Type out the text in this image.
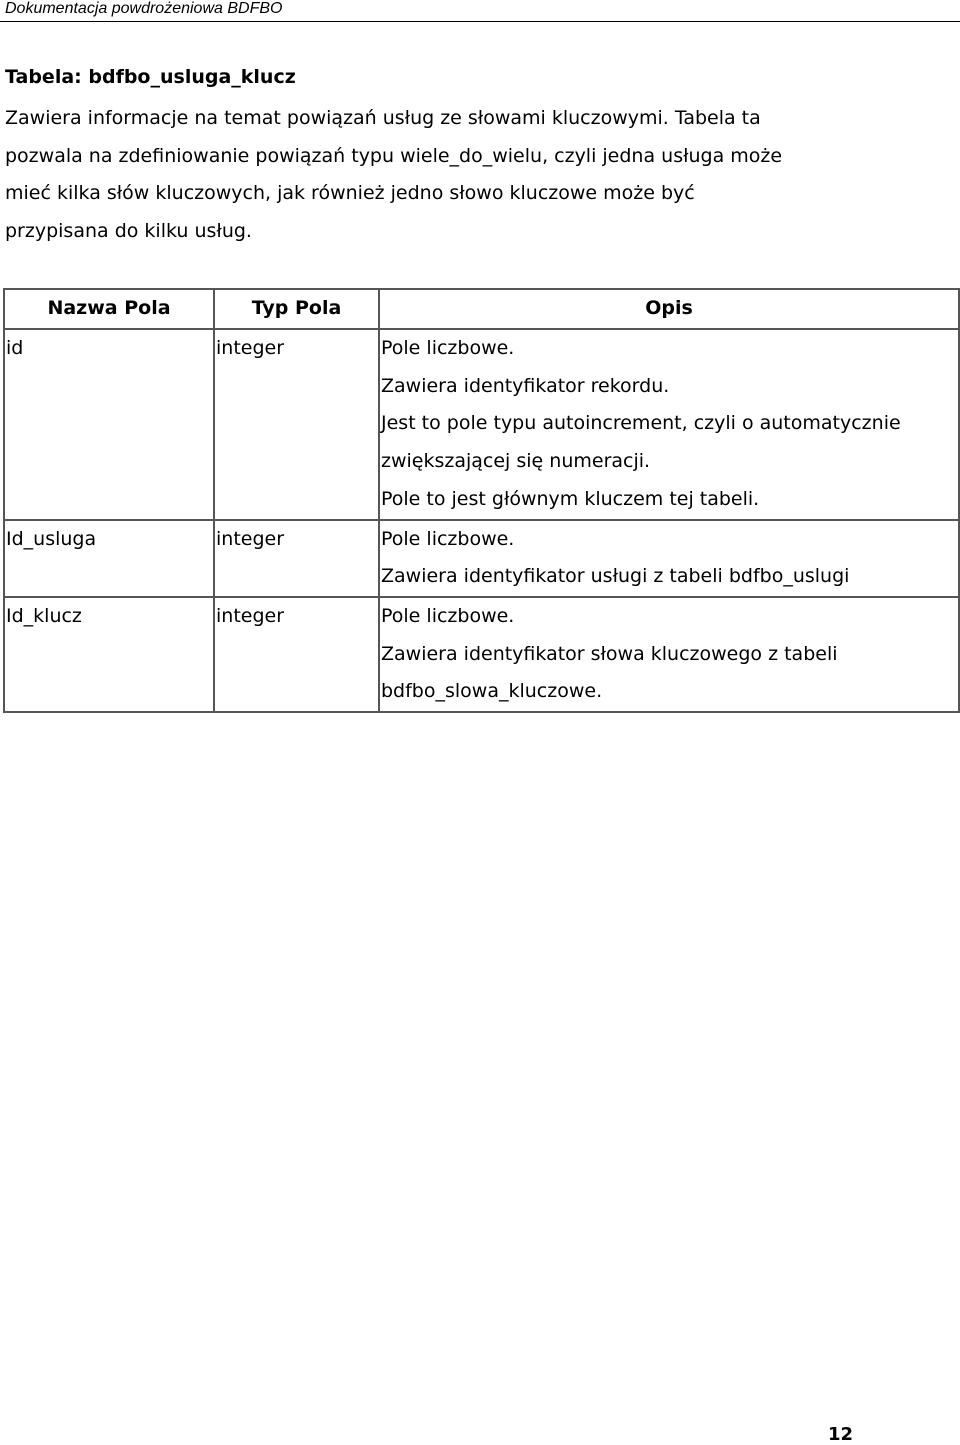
Dokumentacja powdrożeniowa BDFBO
Tabela: bdfbo_usluga_klucz
Zawiera informacje na temat powiązań usług ze słowami kluczowymi. Tabela ta
pozwala na zdefiniowanie powiązań typu wiele_do_wielu, czyli jedna usługa może
mieć kilka słów kluczowych, jak również jedno słowo kluczowe może być
przypisana do kilku usług.
Nazwa Pola	Typ Pola	Opis
id	integer	Pole liczbowe.
Zawiera identyfikator rekordu.
Jest to pole typu autoincrement, czyli o automatycznie
zwiększającej się numeracji.
Pole to jest głównym kluczem tej tabeli.

Id_usluga	integer	Pole liczbowe.
Zawiera identyfikator usługi z tabeli bdfbo_uslugi

Id_klucz	integer	Pole liczbowe.
Zawiera identyfikator słowa kluczowego z tabeli
bdfbo_slowa_kluczowe.
12
